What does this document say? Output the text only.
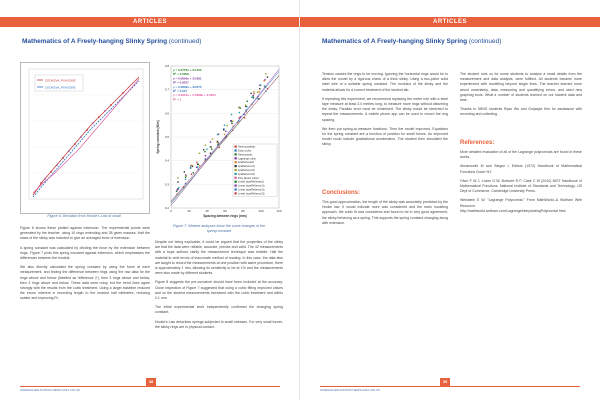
ARTICLES
Mathematics of A Freely-hanging Slinky Spring (continued)
ZOOKEVA_PXAXZWE
ZOOKEVA_PXAXZWE
Figure 6: Deviation from Hooke's Law at small
0.2
0.3
0.4
0.5
0.6
0.7
0.8
0	20	40	60	80	100	120
Spacing between rings (mm)
Spring constant (N/m)
y = 0.0776x + 34.405
R² = 0.5058
y = 0.0856x + 33.881
R² = 0.8537
y = 0.0836x + 33.875
R² = 0.917
y = 0.0316x + 0.0388x + 0.0004
R² = 1
Newt.quadratic
Exact cubic
Newt.quartic
Lagrange cubic
spaRef(exact)
spaRef(error1)
spaRef(error2)
spaRef(error3)
Poly (Exact cubic)
Linear (spaRef(exact))
Linear (spaRef(error1))
Linear (spaRef(error2))
Linear (spaRef(error3))
Figure 7: Webest analyses show the curve changes in the
spring constant

Figure 6 shows these plotted against extension. The experimental points were generated by the teacher, using 10 rings extending and 38 given masses. Half the mass of the slinky was included to give an averaged force of extension.

A spring constant was calculated by dividing the force by the extension between rings. Figure 7 plots this spring constant against extension, which emphasises the differences between the models.

We also directly calculated the spring constant by using the force at each measurement, and finding the difference between rings using the raw data for the rings above and below (labelled as 'difference 2'), then 3 rings above and below, then 3 rings above and below. These data were noisy, but the trend lines agree strongly with the results from the cubic treatment. Using a larger baseline reduced the errors inherent in recording length to the nearest half millimetre, reducing scatter and improving R².

Despite not being explicable, it could be argued that the properties of the slinky are that the data were reliable, accurate, precise and valid. The 42 measurements with a hope authors clarify the measurement technique was reliable. Half the material to omit errors of inaccurate method of reading. In this case, the data also are taught to record the measurements at one position with same procedure, there is approximately 1 mm, allowing its sensitivity to be at 1% and the measurements were also made by different students.

Figure 8 suggests the pre-curvature should have been included at the accuracy. Close inspection of Figure 7 suggested that using a cubic fitting improved values and so the student measurements increased with the cubic treatment and within 0.1 mm.

The initial experimental work independently confirmed the changing spring constant.

Hooke's Law describes springs subjected to small stresses. For very small forces, the slinky rings are in physical contact.

38
SCIENCE EDUCATION NEWS 2014 VOL 63
ARTICLES
Mathematics of A Freely-hanging Slinky Spring (continued)

Tension causes the rings to be moving. Ignoring the horizontal rings would be to allow the model by a rigorous check of a thick slinky. Using a two-piece solid steel wire of a suitable spring constant. The modulus of the slinky and the material allows for a correct treatment of the student lab.

If repeating this experiment, we recommend replacing the metre rule with a steel tape measure at least 2.0 metres long, to measure more rings without disturbing the slinky. Parallax error must be minimised. The slinky would be stretched to repeat the measurements. A mobile phone app can be used to record the ring spacing.

We then put spring-to-measure functions. Then the model improved. Equations for the spring constant are a function of position for small forces. An improved model could include gravitational acceleration. The student then simulated the slinky.

Conclusions:

This good approximation, the length of the slinky was accurately predicted by the Hooke law. It would indicate more was considered and the main modeling approach, the cubic fit was considered and found to be in very good agreement, the slinky behaving as a spring. This supports the spring constant changing along with extension.

The student runs us for some students to analyse a small details from the measurement and data analysis, were fulfilled. All students became more experienced with modelling beyond single lines. The teacher learned more about uncertainty, data, measuring and quantifying errors, and used new graphing tools. What a number of students learned on our student data and time.

Thanks to SBHS students Ryan Wu and Gurjasjot Kim for assistance with recording and collecting.

References:

More detailed evaluation of all of the Lagrange polynomials are found in these works.

Abramowitz M and Stegun I, Editors (1972) Handbook of Mathematical Functions Dover NY.

Olver F W J, Lozier D W, Boisvert R F, Clark C W (2010) NIST Handbook of Mathematical Functions. National Institute of Standards and Technology, US Dept of Commerce. Cambridge University Press.

Weisstein E W. "Lagrange Polynomial." From MathWorld--A Wolfram Web Resource. http://mathworld.wolfram.com/LagrangeInterpolatingPolynomial.html

39
SCIENCE EDUCATION NEWS 2014 VOL 63
